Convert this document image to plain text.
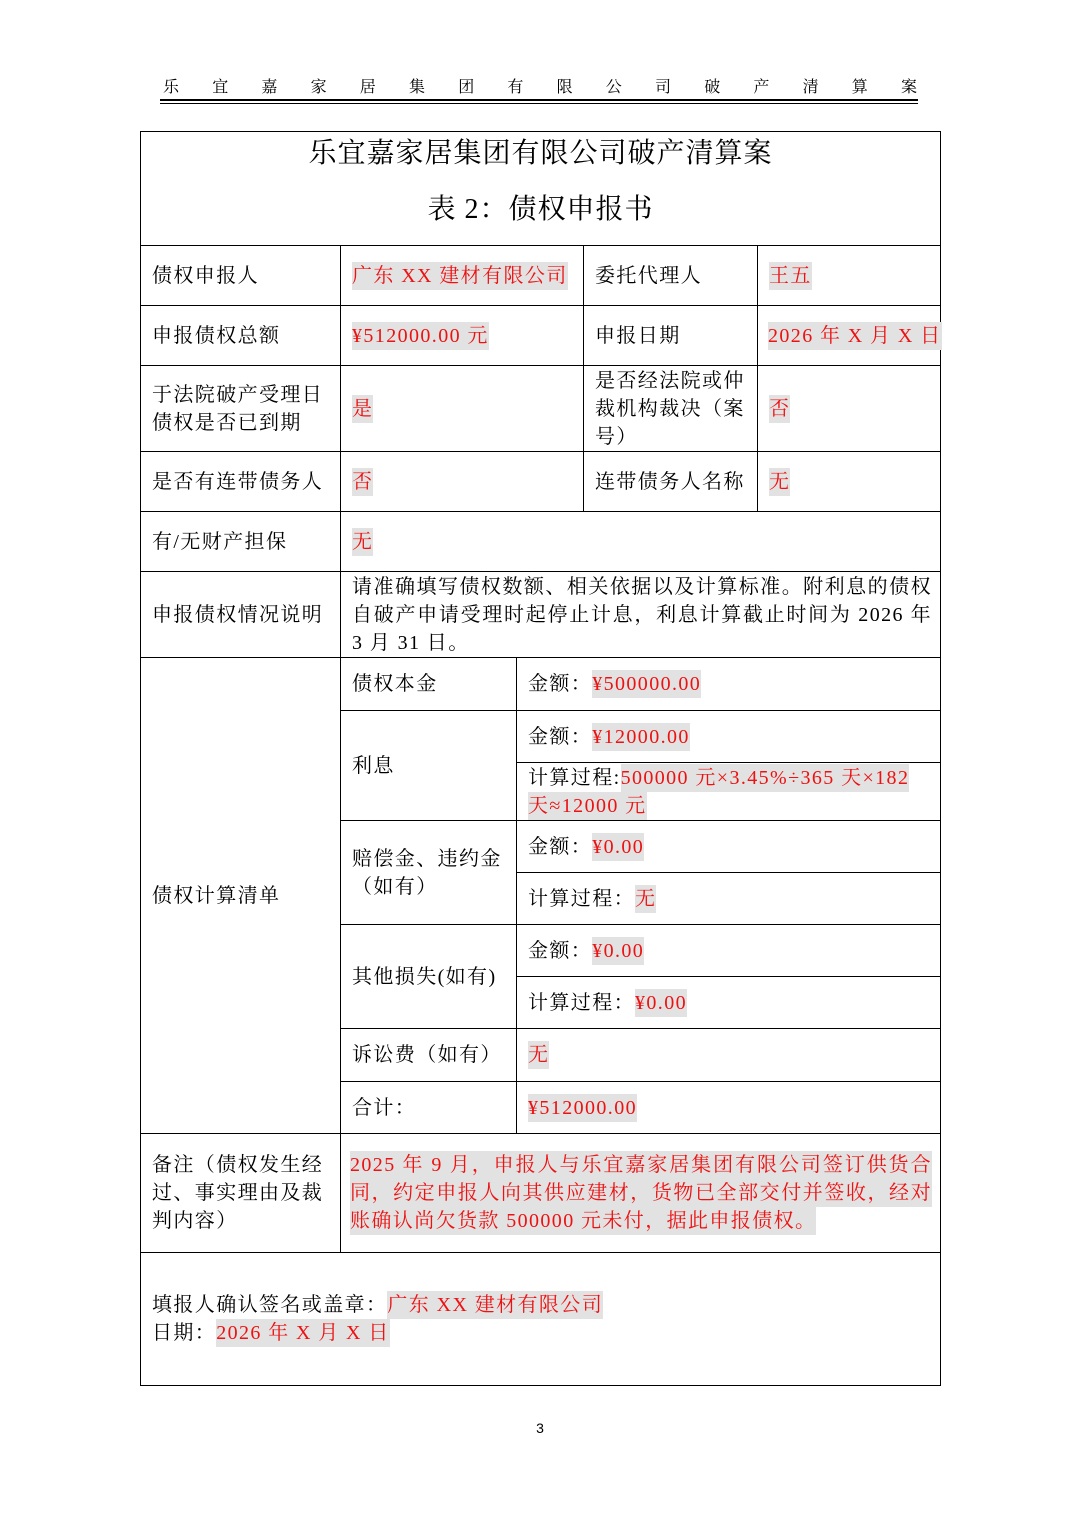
乐 宜 嘉 家 居 集 团 有 限 公 司 破 产 清 算 案
乐宜嘉家居集团有限公司破产清算案
表 2：债权申报书				

债权申报人	广东 XX 建材有限公司		委托代理人	王五
申报债权总额	¥512000.00 元		申报日期	2026 年 X 月 X 日
于法院破产受理日债权是否已到期	是		是否经法院或仲裁机构裁决（案号）	否
是否有连带债务人	否		连带债务人名称	无
有/无财产担保	无			
申报债权情况说明	请准确填写债权数额、相关依据以及计算标准。附利息的债权自破产申请受理时起停止计息，利息计算截止时间为 2026 年 3 月 31 日。			
债权计算清单	债权本金	金额：¥500000.00		
	利息	金额：¥12000.00		
		计算过程:500000 元×3.45%÷365 天×182 天≈12000 元		
	赔偿金、违约金（如有）	金额：¥0.00		
		计算过程：无		
	其他损失(如有)	金额：¥0.00		
		计算过程：¥0.00		
	诉讼费（如有）	无		
	合计：	¥512000.00		
备注（债权发生经过、事实理由及裁判内容）	2025 年 9 月，申报人与乐宜嘉家居集团有限公司签订供货合同，约定申报人向其供应建材，货物已全部交付并签收，经对账确认尚欠货款 500000 元未付，据此申报债权。			

填报人确认签名或盖章：广东 XX 建材有限公司
日期：2026 年 X 月 X 日				
3
